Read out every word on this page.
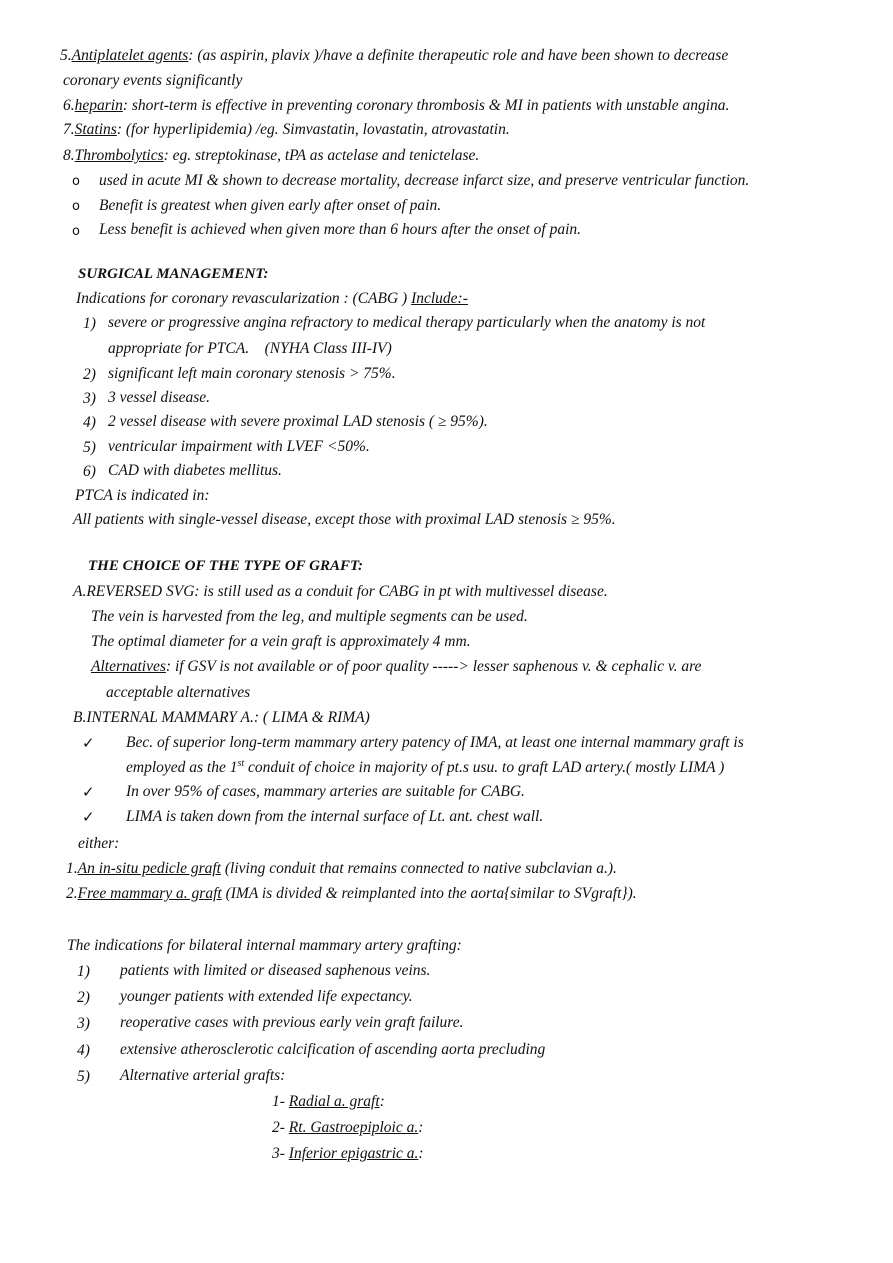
5.Antiplatelet agents: (as aspirin, plavix )/have a definite therapeutic role and have been shown to decrease
coronary events significantly
6.heparin: short-term is effective in preventing coronary thrombosis & MI in patients with unstable angina.
7.Statins: (for hyperlipidemia) /eg. Simvastatin, lovastatin, atrovastatin.
8.Thrombolytics: eg. streptokinase, tPA as actelase and tenictelase.
o used in acute MI & shown to decrease mortality, decrease infarct size, and preserve ventricular function.
o Benefit is greatest when given early after onset of pain.
o Less benefit is achieved when given more than 6 hours after the onset of pain.
SURGICAL MANAGEMENT:
Indications for coronary revascularization : (CABG ) Include:-
1) severe or progressive angina refractory to medical therapy particularly when the anatomy is not
appropriate for PTCA.    (NYHA Class III-IV)
2) significant left main coronary stenosis > 75%.
3) 3 vessel disease.
4) 2 vessel disease with severe proximal LAD stenosis ( ≥ 95%).
5) ventricular impairment with LVEF <50%.
6) CAD with diabetes mellitus.
PTCA is indicated in:
All patients with single-vessel disease, except those with proximal LAD stenosis ≥ 95%.
THE CHOICE OF THE TYPE OF GRAFT:
A.REVERSED SVG: is still used as a conduit for CABG in pt with multivessel disease.
The vein is harvested from the leg, and multiple segments can be used.
The optimal diameter for a vein graft is approximately 4 mm.
Alternatives: if GSV is not available or of poor quality -----> lesser saphenous v. & cephalic v. are
acceptable alternatives
B.INTERNAL MAMMARY A.: ( LIMA & RIMA)
✓ Bec. of superior long-term mammary artery patency of IMA, at least one internal mammary graft is
employed as the 1st conduit of choice in majority of pt.s usu. to graft LAD artery.( mostly LIMA )
✓ In over 95% of cases, mammary arteries are suitable for CABG.
✓ LIMA is taken down from the internal surface of Lt. ant. chest wall.
either:
1.An in-situ pedicle graft (living conduit that remains connected to native subclavian a.).
2.Free mammary a. graft (IMA is divided & reimplanted into the aorta{similar to SVgraft}).
The indications for bilateral internal mammary artery grafting:
1) patients with limited or diseased saphenous veins.
2) younger patients with extended life expectancy.
3) reoperative cases with previous early vein graft failure.
4) extensive atherosclerotic calcification of ascending aorta precluding
5) Alternative arterial grafts:
1- Radial a. graft:
2- Rt. Gastroepiploic a.:
3- Inferior epigastric a.:
